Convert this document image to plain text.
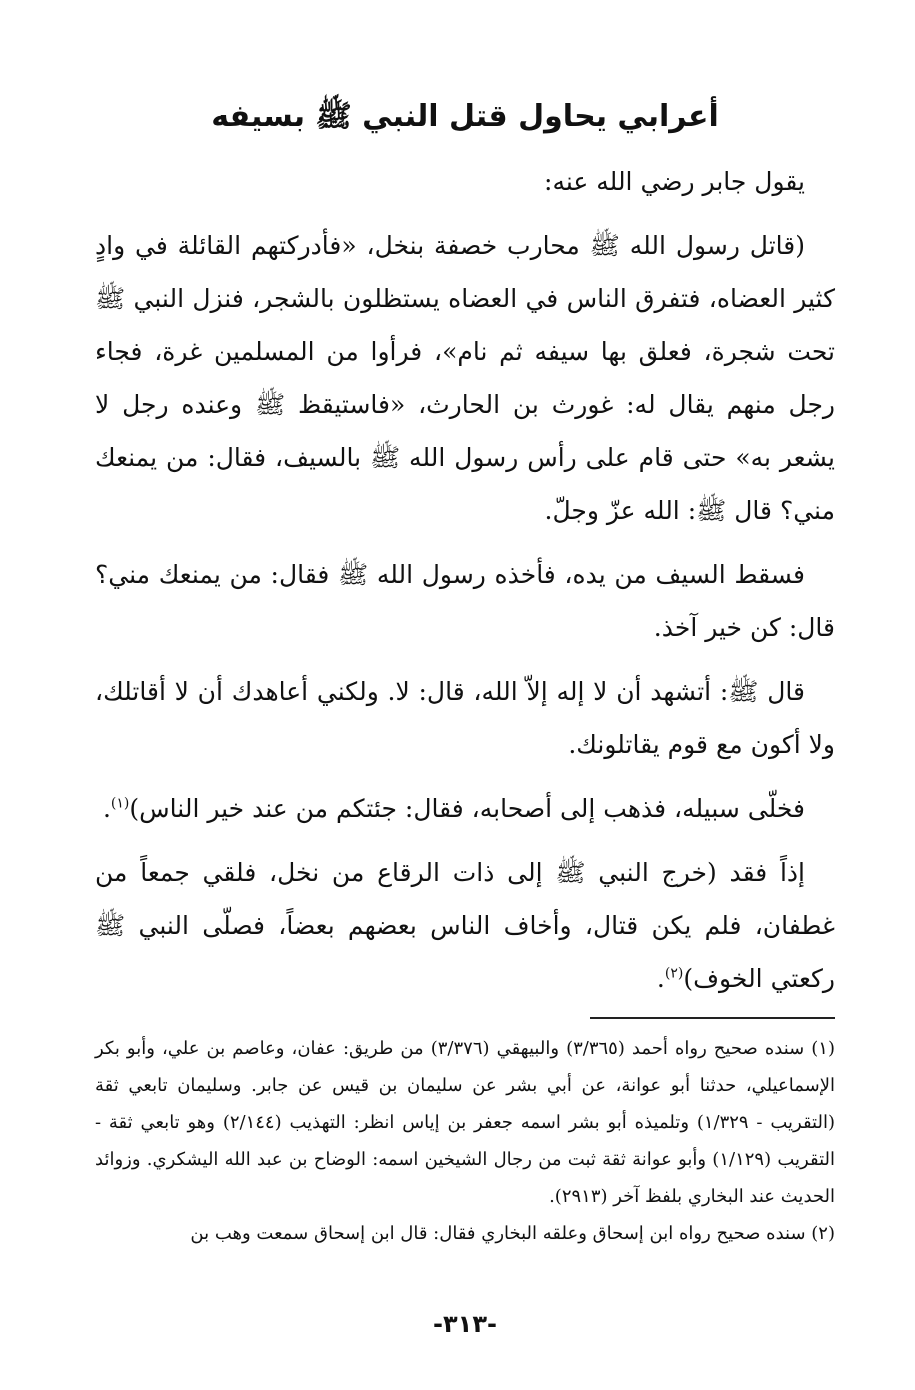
أعرابي يحاول قتل النبي ﷺ بسيفه

يقول جابر رضي الله عنه:

(قاتل رسول الله ﷺ محارب خصفة بنخل، «فأدركتهم القائلة في وادٍ كثير العضاه، فتفرق الناس في العضاه يستظلون بالشجر، فنزل النبي ﷺ تحت شجرة، فعلق بها سيفه ثم نام»، فرأوا من المسلمين غرة، فجاء رجل منهم يقال له: غورث بن الحارث، «فاستيقظ ﷺ وعنده رجل لا يشعر به» حتى قام على رأس رسول الله ﷺ بالسيف، فقال: من يمنعك مني؟ قال ﷺ: الله عزّ وجلّ.

فسقط السيف من يده، فأخذه رسول الله ﷺ فقال: من يمنعك مني؟ قال: كن خير آخذ.

قال ﷺ: أتشهد أن لا إله إلاّ الله، قال: لا. ولكني أعاهدك أن لا أقاتلك، ولا أكون مع قوم يقاتلونك.

فخلّى سبيله، فذهب إلى أصحابه، فقال: جئتكم من عند خير الناس)$^{(١)}$.

إذاً فقد (خرج النبي ﷺ إلى ذات الرقاع من نخل، فلقي جمعاً من غطفان، فلم يكن قتال، وأخاف الناس بعضهم بعضاً، فصلّى النبي ﷺ ركعتي الخوف)$^{(٢)}$.

(١) سنده صحيح رواه أحمد (٣/٣٦٥) والبيهقي (٣/٣٧٦) من طريق: عفان، وعاصم بن علي، وأبو بكر الإسماعيلي، حدثنا أبو عوانة، عن أبي بشر عن سليمان بن قيس عن جابر. وسليمان تابعي ثقة (التقريب - ١/٣٢٩) وتلميذه أبو بشر اسمه جعفر بن إياس انظر: التهذيب (٢/١٤٤) وهو تابعي ثقة - التقريب (١/١٢٩) وأبو عوانة ثقة ثبت من رجال الشيخين اسمه: الوضاح بن عبد الله اليشكري. وزوائد الحديث عند البخاري بلفظ آخر (٢٩١٣).

(٢) سنده صحيح رواه ابن إسحاق وعلقه البخاري فقال: قال ابن إسحاق سمعت وهب بن

-٣١٣-
